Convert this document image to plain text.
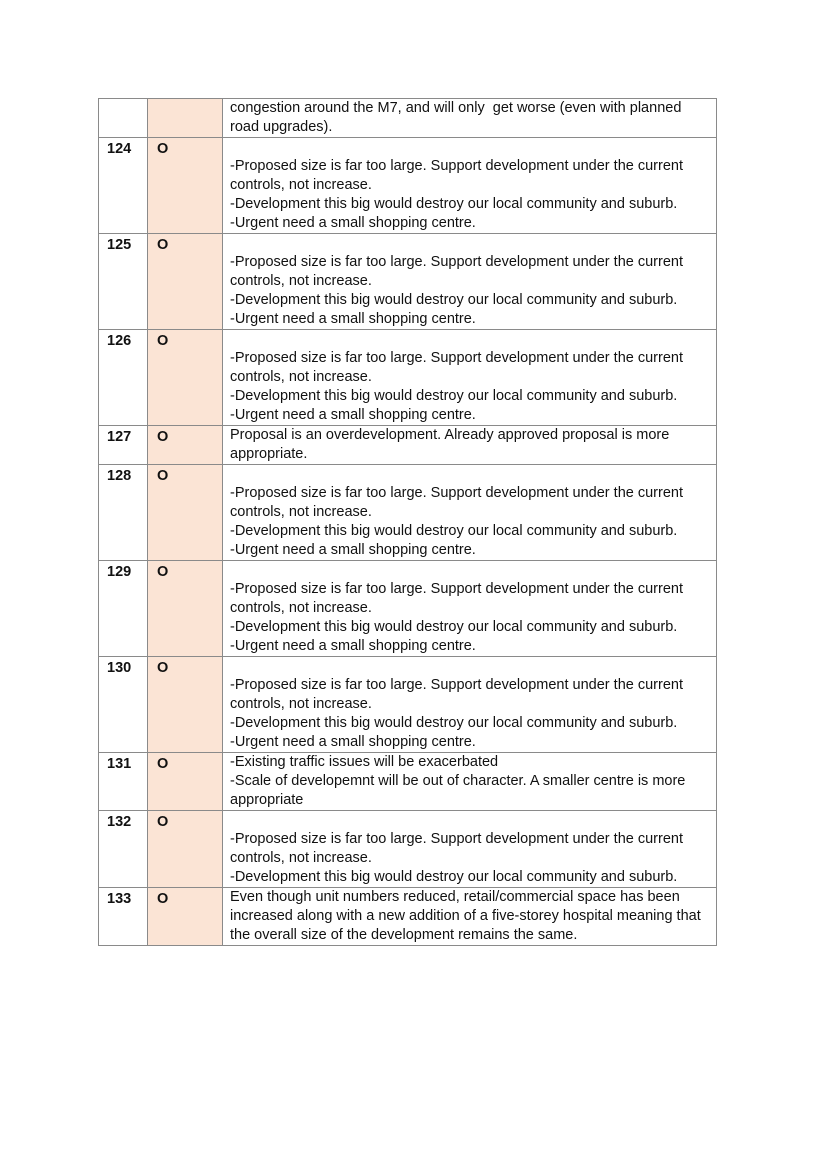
		congestion around the M7, and will only  get worse (even with planned road upgrades).

124	O	-Proposed size is far too large. Support development under the current controls, not increase.
-Development this big would destroy our local community and suburb.
-Urgent need a small shopping centre.

125	O	-Proposed size is far too large. Support development under the current controls, not increase.
-Development this big would destroy our local community and suburb.
-Urgent need a small shopping centre.

126	O	-Proposed size is far too large. Support development under the current controls, not increase.
-Development this big would destroy our local community and suburb.
-Urgent need a small shopping centre.

127	O	Proposal is an overdevelopment. Already approved proposal is more appropriate.

128	O	-Proposed size is far too large. Support development under the current controls, not increase.
-Development this big would destroy our local community and suburb.
-Urgent need a small shopping centre.

129	O	-Proposed size is far too large. Support development under the current controls, not increase.
-Development this big would destroy our local community and suburb.
-Urgent need a small shopping centre.

130	O	-Proposed size is far too large. Support development under the current controls, not increase.
-Development this big would destroy our local community and suburb.
-Urgent need a small shopping centre.

131	O	-Existing traffic issues will be exacerbated
-Scale of developemnt will be out of character. A smaller centre is more appropriate

132	O	-Proposed size is far too large. Support development under the current controls, not increase.
-Development this big would destroy our local community and suburb.

133	O	Even though unit numbers reduced, retail/commercial space has been increased along with a new addition of a five-storey hospital meaning that the overall size of the development remains the same.
